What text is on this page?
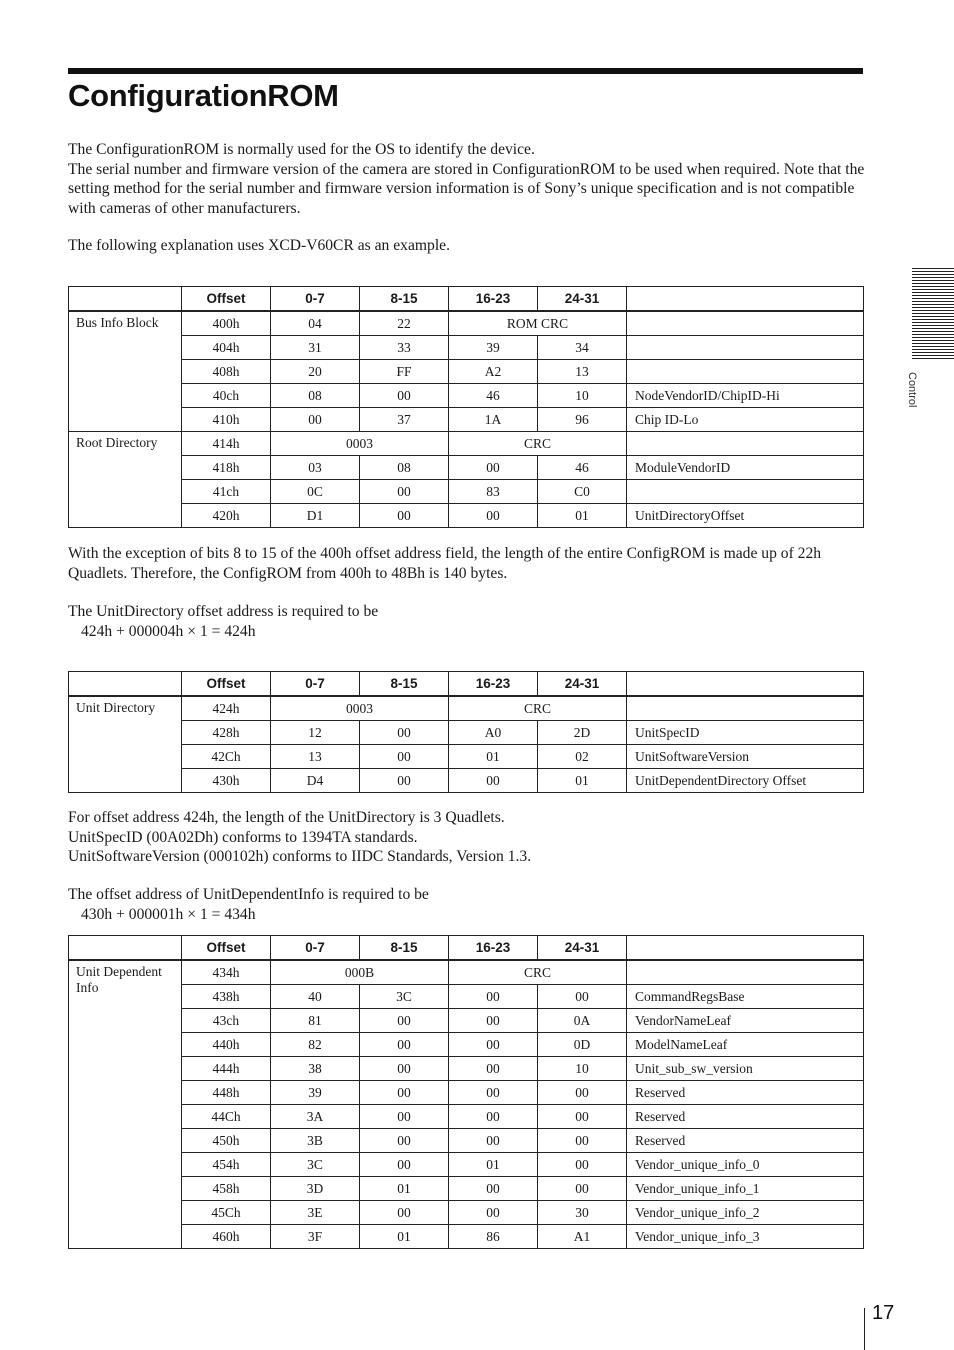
ConfigurationROM

The ConfigurationROM is normally used for the OS to identify the device.
The serial number and firmware version of the camera are stored in ConfigurationROM to be used when required. Note that the setting method for the serial number and firmware version information is of Sony’s unique specification and is not compatible with cameras of other manufacturers.

The following explanation uses XCD-V60CR as an example.

	Offset	0-7	8-15	16-23	24-31	
Bus Info Block	400h	04	22	ROM CRC		
	404h	31	33	39	34	
	408h	20	FF	A2	13	
	40ch	08	00	46	10	NodeVendorID/ChipID-Hi
	410h	00	37	1A	96	Chip ID-Lo
Root Directory	414h	0003		CRC		
	418h	03	08	00	46	ModuleVendorID
	41ch	0C	00	83	C0	
	420h	D1	00	00	01	UnitDirectoryOffset

With the exception of bits 8 to 15 of the 400h offset address field, the length of the entire ConfigROM is made up of 22h Quadlets. Therefore, the ConfigROM from 400h to 48Bh is 140 bytes.

The UnitDirectory offset address is required to be
424h + 000004h × 1 = 424h

	Offset	0-7	8-15	16-23	24-31	
Unit Directory	424h	0003		CRC		
	428h	12	00	A0	2D	UnitSpecID
	42Ch	13	00	01	02	UnitSoftwareVersion
	430h	D4	00	00	01	UnitDependentDirectory Offset

For offset address 424h, the length of the UnitDirectory is 3 Quadlets.
UnitSpecID (00A02Dh) conforms to 1394TA standards.
UnitSoftwareVersion (000102h) conforms to IIDC Standards, Version 1.3.

The offset address of UnitDependentInfo is required to be
430h + 000001h × 1 = 434h

	Offset	0-7	8-15	16-23	24-31	
Unit Dependent Info	434h	000B		CRC		
	438h	40	3C	00	00	CommandRegsBase
	43ch	81	00	00	0A	VendorNameLeaf
	440h	82	00	00	0D	ModelNameLeaf
	444h	38	00	00	10	Unit_sub_sw_version
	448h	39	00	00	00	Reserved
	44Ch	3A	00	00	00	Reserved
	450h	3B	00	00	00	Reserved
	454h	3C	00	01	00	Vendor_unique_info_0
	458h	3D	01	00	00	Vendor_unique_info_1
	45Ch	3E	00	00	30	Vendor_unique_info_2
	460h	3F	01	86	A1	Vendor_unique_info_3
Control
17
